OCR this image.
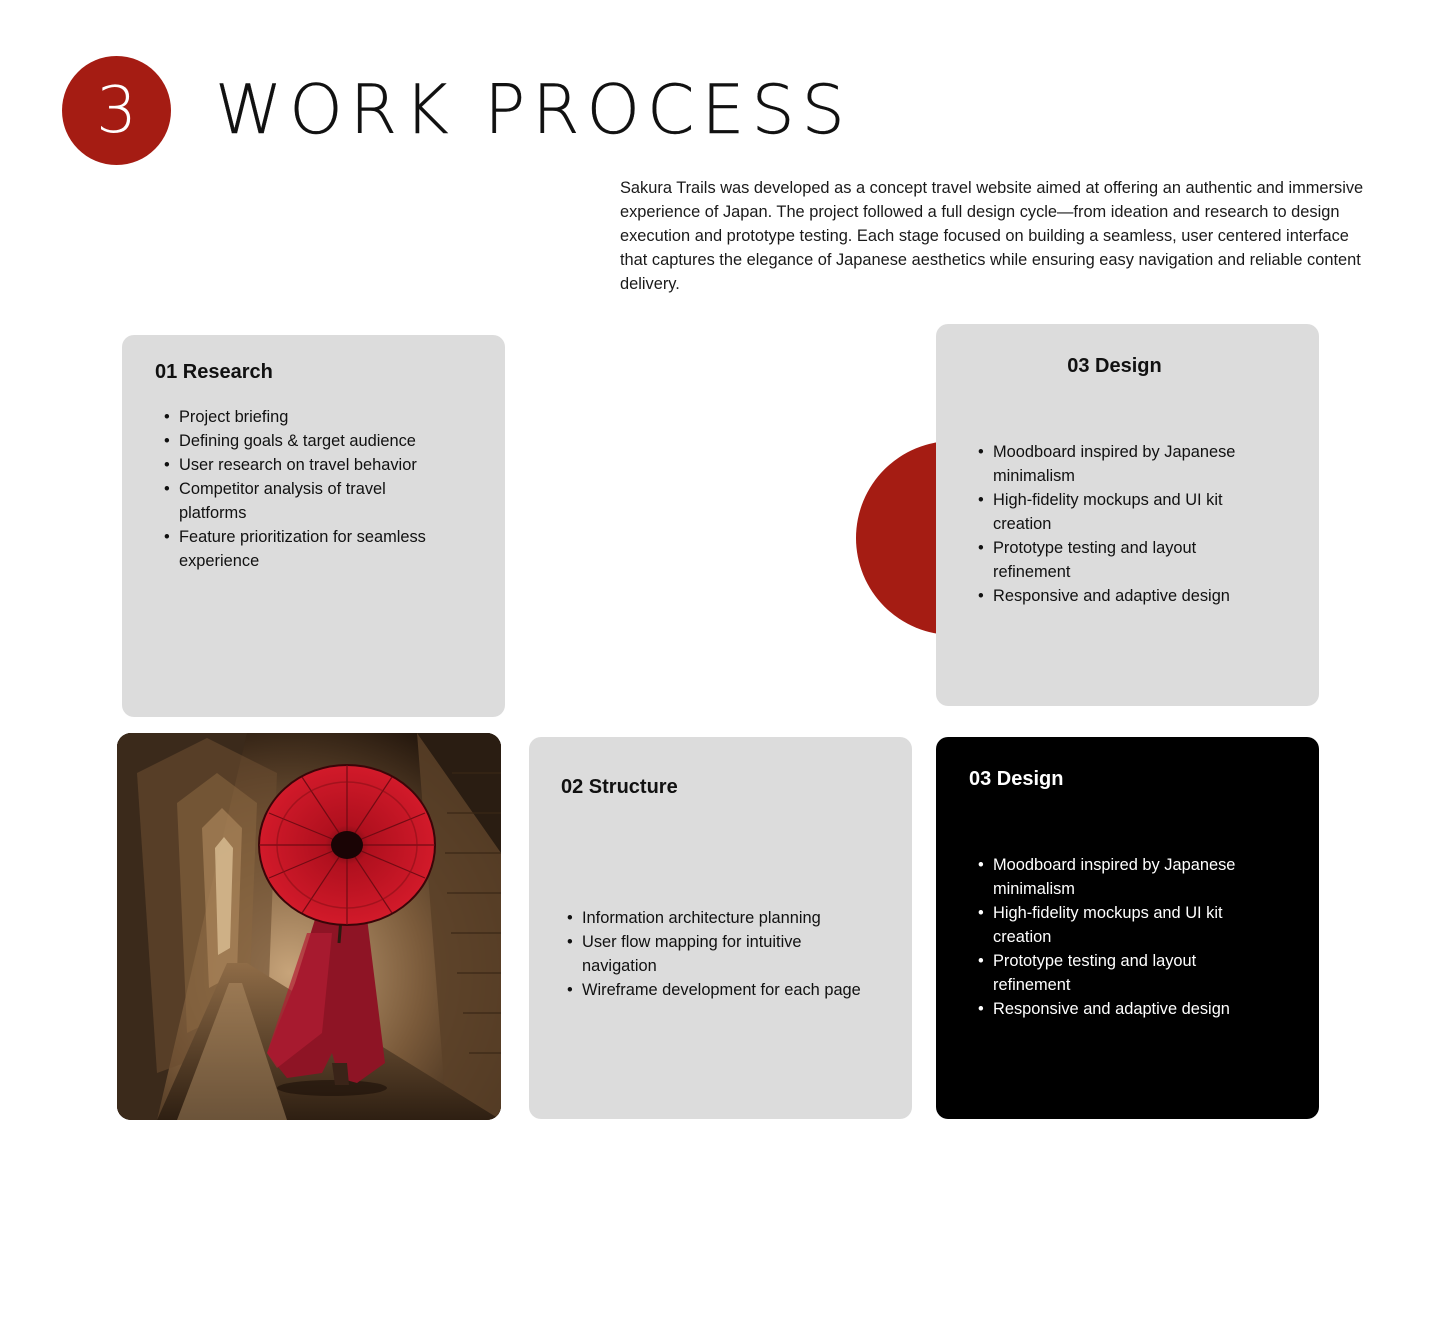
3 WORK PROCESS

Sakura Trails was developed as a concept travel website aimed at offering an authentic and immersive experience of Japan. The project followed a full design cycle—from ideation and research to design execution and prototype testing. Each stage focused on building a seamless, user centered interface that captures the elegance of Japanese aesthetics while ensuring easy navigation and reliable content delivery.

01 Research
• Project briefing
• Defining goals & target audience
• User research on travel behavior
• Competitor analysis of travel platforms
• Feature prioritization for seamless experience
03 Design
• Moodboard inspired by Japanese minimalism
• High-fidelity mockups and UI kit creation
• Prototype testing and layout refinement
• Responsive and adaptive design
02 Structure
• Information architecture planning
• User flow mapping for intuitive navigation
• Wireframe development for each page
03 Design
• Moodboard inspired by Japanese minimalism
• High-fidelity mockups and UI kit creation
• Prototype testing and layout refinement
• Responsive and adaptive design
